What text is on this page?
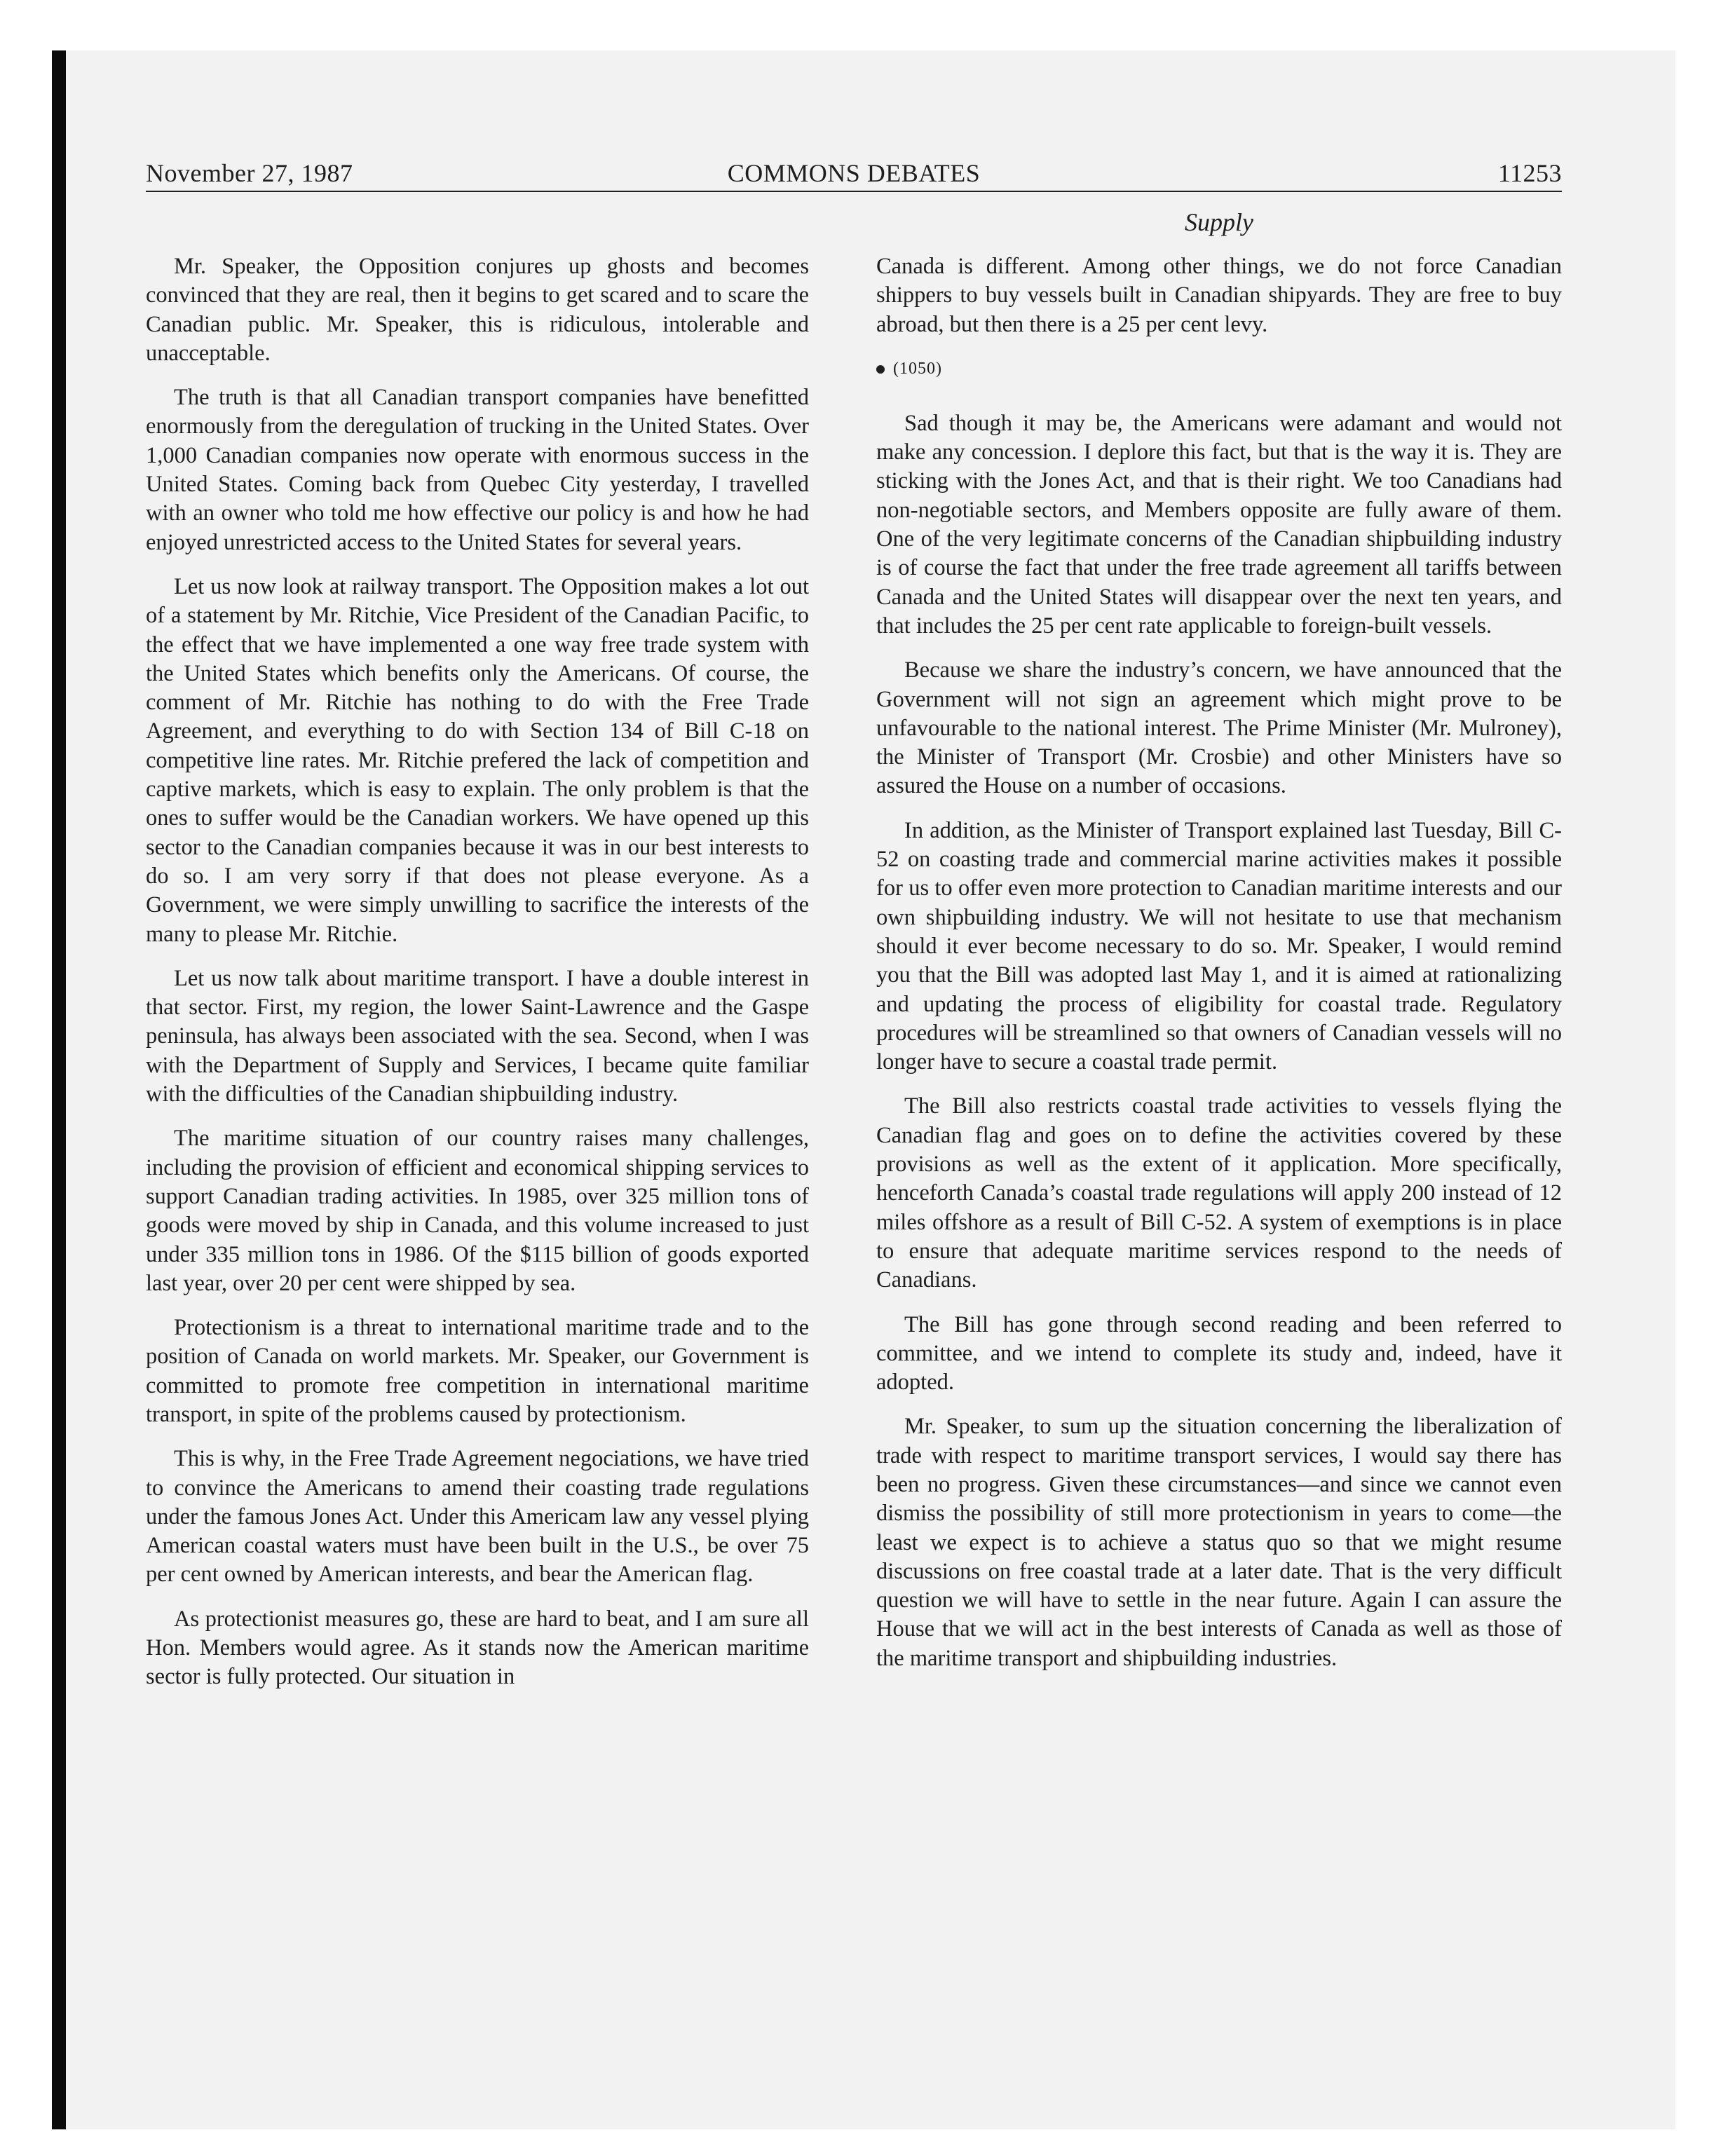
November 27, 1987	COMMONS DEBATES	11253
Supply

Mr. Speaker, the Opposition conjures up ghosts and becomes convinced that they are real, then it begins to get scared and to scare the Canadian public. Mr. Speaker, this is ridiculous, intolerable and unacceptable.

The truth is that all Canadian transport companies have benefitted enormously from the deregulation of trucking in the United States. Over 1,000 Canadian companies now operate with enormous success in the United States. Coming back from Quebec City yesterday, I travelled with an owner who told me how effective our policy is and how he had enjoyed unrestricted access to the United States for several years.

Let us now look at railway transport. The Opposition makes a lot out of a statement by Mr. Ritchie, Vice President of the Canadian Pacific, to the effect that we have implemented a one way free trade system with the United States which benefits only the Americans. Of course, the comment of Mr. Ritchie has nothing to do with the Free Trade Agreement, and everything to do with Section 134 of Bill C-18 on competitive line rates. Mr. Ritchie prefered the lack of competition and captive markets, which is easy to explain. The only problem is that the ones to suffer would be the Canadian workers. We have opened up this sector to the Canadian companies because it was in our best interests to do so. I am very sorry if that does not please everyone. As a Government, we were simply unwilling to sacrifice the interests of the many to please Mr. Ritchie.

Let us now talk about maritime transport. I have a double interest in that sector. First, my region, the lower Saint-Lawrence and the Gaspe peninsula, has always been associated with the sea. Second, when I was with the Department of Supply and Services, I became quite familiar with the difficulties of the Canadian shipbuilding industry.

The maritime situation of our country raises many challenges, including the provision of efficient and economical shipping services to support Canadian trading activities. In 1985, over 325 million tons of goods were moved by ship in Canada, and this volume increased to just under 335 million tons in 1986. Of the $115 billion of goods exported last year, over 20 per cent were shipped by sea.

Protectionism is a threat to international maritime trade and to the position of Canada on world markets. Mr. Speaker, our Government is committed to promote free competition in international maritime transport, in spite of the problems caused by protectionism.

This is why, in the Free Trade Agreement negociations, we have tried to convince the Americans to amend their coasting trade regulations under the famous Jones Act. Under this Americam law any vessel plying American coastal waters must have been built in the U.S., be over 75 per cent owned by American interests, and bear the American flag.

As protectionist measures go, these are hard to beat, and I am sure all Hon. Members would agree. As it stands now the American maritime sector is fully protected. Our situation in

Canada is different. Among other things, we do not force Canadian shippers to buy vessels built in Canadian shipyards. They are free to buy abroad, but then there is a 25 per cent levy.

(1050)

Sad though it may be, the Americans were adamant and would not make any concession. I deplore this fact, but that is the way it is. They are sticking with the Jones Act, and that is their right. We too Canadians had non-negotiable sectors, and Members opposite are fully aware of them. One of the very legitimate concerns of the Canadian shipbuilding industry is of course the fact that under the free trade agreement all tariffs between Canada and the United States will disappear over the next ten years, and that includes the 25 per cent rate applicable to foreign-built vessels.

Because we share the industry’s concern, we have announced that the Government will not sign an agreement which might prove to be unfavourable to the national interest. The Prime Minister (Mr. Mulroney), the Minister of Transport (Mr. Crosbie) and other Ministers have so assured the House on a number of occasions.

In addition, as the Minister of Transport explained last Tuesday, Bill C-52 on coasting trade and commercial marine activities makes it possible for us to offer even more protection to Canadian maritime interests and our own shipbuilding industry. We will not hesitate to use that mechanism should it ever become necessary to do so. Mr. Speaker, I would remind you that the Bill was adopted last May 1, and it is aimed at rationalizing and updating the process of eligibility for coastal trade. Regulatory procedures will be streamlined so that owners of Canadian vessels will no longer have to secure a coastal trade permit.

The Bill also restricts coastal trade activities to vessels flying the Canadian flag and goes on to define the activities covered by these provisions as well as the extent of it application. More specifically, henceforth Canada’s coastal trade regulations will apply 200 instead of 12 miles offshore as a result of Bill C-52. A system of exemptions is in place to ensure that adequate maritime services respond to the needs of Canadians.

The Bill has gone through second reading and been referred to committee, and we intend to complete its study and, indeed, have it adopted.

Mr. Speaker, to sum up the situation concerning the liberalization of trade with respect to maritime transport services, I would say there has been no progress. Given these circumstances—and since we cannot even dismiss the possibility of still more protectionism in years to come—the least we expect is to achieve a status quo so that we might resume discussions on free coastal trade at a later date. That is the very difficult question we will have to settle in the near future. Again I can assure the House that we will act in the best interests of Canada as well as those of the maritime transport and shipbuilding industries.
